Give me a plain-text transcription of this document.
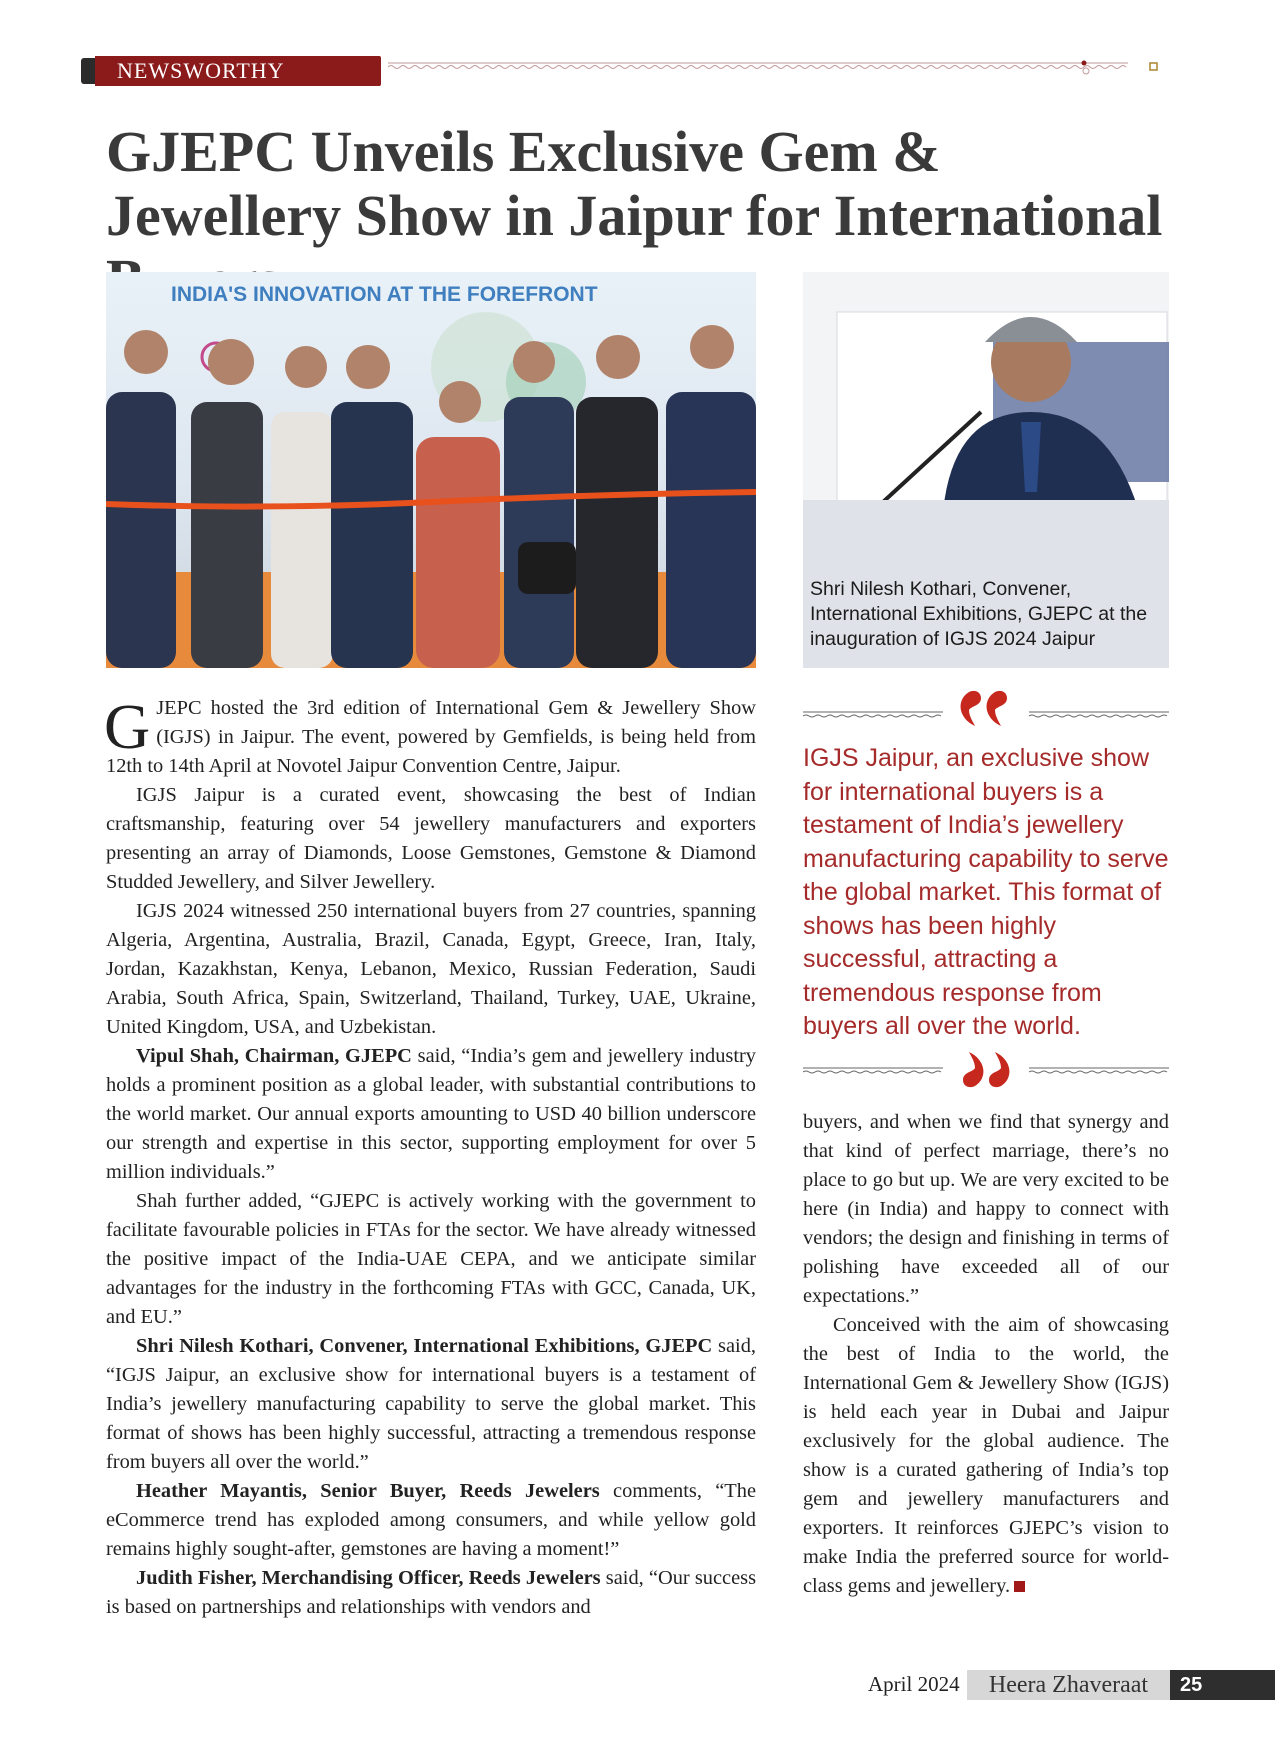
NEWSWORTHY
GJEPC Unveils Exclusive Gem & Jewellery Show in Jaipur for International
INDIA'S INNOVATION AT THE FOREFRONT
Shri Nilesh Kothari, Convener, International Exhibitions, GJEPC at the inauguration of IGJS 2024 Jaipur

GJEPC hosted the 3rd edition of International Gem & Jewellery Show (IGJS) in Jaipur. The event, powered by Gemfields, is being held from 12th to 14th April at Novotel Jaipur Convention Centre, Jaipur.

IGJS Jaipur is a curated event, showcasing the best of Indian craftsmanship, featuring over 54 jewellery manufacturers and exporters presenting an array of Diamonds, Loose Gemstones, Gemstone & Diamond Studded Jewellery, and Silver Jewellery.

IGJS 2024 witnessed 250 international buyers from 27 countries, spanning Algeria, Argentina, Australia, Brazil, Canada, Egypt, Greece, Iran, Italy, Jordan, Kazakhstan, Kenya, Lebanon, Mexico, Russian Federation, Saudi Arabia, South Africa, Spain, Switzerland, Thailand, Turkey, UAE, Ukraine, United Kingdom, USA, and Uzbekistan.

Vipul Shah, Chairman, GJEPC said, “India’s gem and jewellery industry holds a prominent position as a global leader, with substantial contributions to the world market. Our annual exports amounting to USD 40 billion underscore our strength and expertise in this sector, supporting employment for over 5 million individuals.”

Shah further added, “GJEPC is actively working with the government to facilitate favourable policies in FTAs for the sector. We have already witnessed the positive impact of the India-UAE CEPA, and we anticipate similar advantages for the industry in the forthcoming FTAs with GCC, Canada, UK, and EU.”

Shri Nilesh Kothari, Convener, International Exhibitions, GJEPC said, “IGJS Jaipur, an exclusive show for international buyers is a testament of India’s jewellery manufacturing capability to serve the global market. This format of shows has been highly successful, attracting a tremendous response from buyers all over the world.”

Heather Mayantis, Senior Buyer, Reeds Jewelers comments, “The eCommerce trend has exploded among consumers, and while yellow gold remains highly sought-after, gemstones are having a moment!”

Judith Fisher, Merchandising Officer, Reeds Jewelers said, “Our success is based on partnerships and relationships with vendors and

IGJS Jaipur, an exclusive show for international buyers is a testament of India’s jewellery manufacturing capability to serve the global market. This format of shows has been highly successful, attracting a tremendous response from buyers all over the world.

buyers, and when we find that synergy and that kind of perfect marriage, there’s no place to go but up. We are very excited to be here (in India) and happy to connect with vendors; the design and finishing in terms of polishing have exceeded all of our expectations.”

Conceived with the aim of showcasing the best of India to the world, the International Gem & Jewellery Show (IGJS) is held each year in Dubai and Jaipur exclusively for the global audience. The show is a curated gathering of India’s top gem and jewellery manufacturers and exporters. It reinforces GJEPC’s vision to make India the preferred source for world-class gems and jewellery.

April 2024	Heera Zhaveraat	25
